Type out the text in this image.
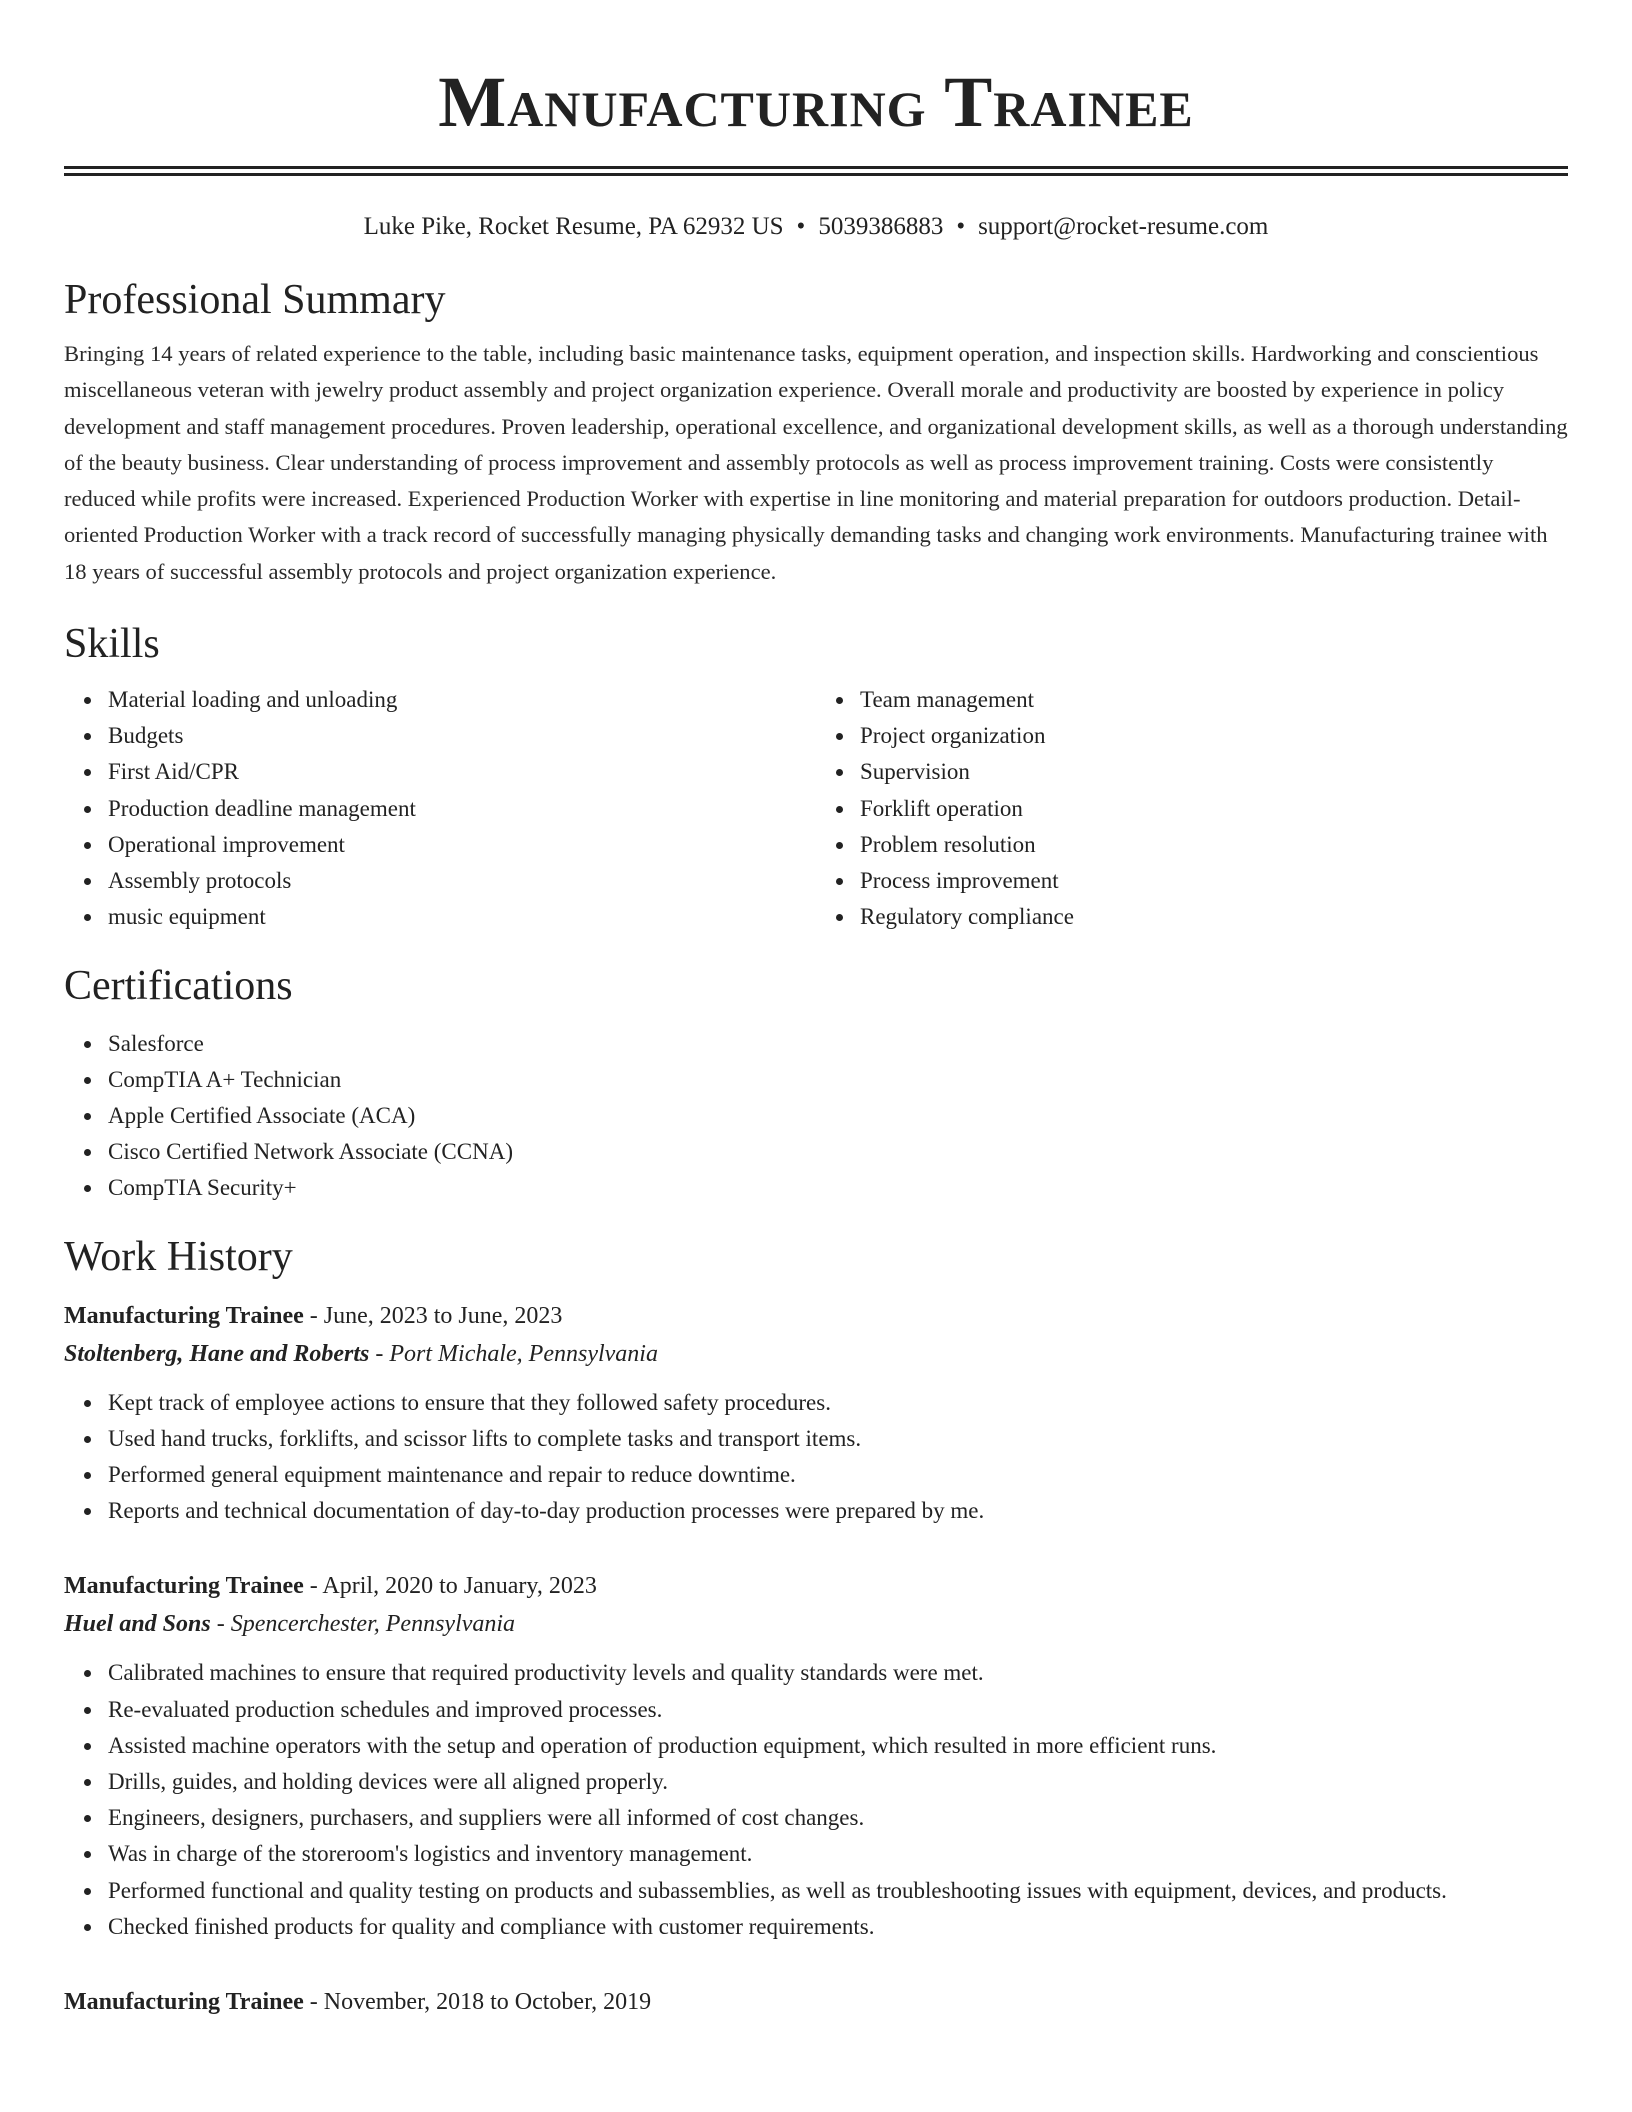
Manufacturing Trainee
Luke Pike, Rocket Resume, PA 62932 US • 5039386883 • support@rocket-resume.com
Professional Summary

Bringing 14 years of related experience to the table, including basic maintenance tasks, equipment operation, and inspection skills. Hardworking and conscientious miscellaneous veteran with jewelry product assembly and project organization experience. Overall morale and productivity are boosted by experience in policy development and staff management procedures. Proven leadership, operational excellence, and organizational development skills, as well as a thorough understanding of the beauty business. Clear understanding of process improvement and assembly protocols as well as process improvement training. Costs were consistently reduced while profits were increased. Experienced Production Worker with expertise in line monitoring and material preparation for outdoors production. Detail-oriented Production Worker with a track record of successfully managing physically demanding tasks and changing work environments. Manufacturing trainee with 18 years of successful assembly protocols and project organization experience.

Skills
Material loading and unloading
Budgets
First Aid/CPR
Production deadline management
Operational improvement
Assembly protocols
music equipment
Team management
Project organization
Supervision
Forklift operation
Problem resolution
Process improvement
Regulatory compliance
Certifications
Salesforce
CompTIA A+ Technician
Apple Certified Associate (ACA)
Cisco Certified Network Associate (CCNA)
CompTIA Security+
Work History
Manufacturing Trainee - June, 2023 to June, 2023
Stoltenberg, Hane and Roberts - Port Michale, Pennsylvania
Kept track of employee actions to ensure that they followed safety procedures.
Used hand trucks, forklifts, and scissor lifts to complete tasks and transport items.
Performed general equipment maintenance and repair to reduce downtime.
Reports and technical documentation of day-to-day production processes were prepared by me.
Manufacturing Trainee - April, 2020 to January, 2023
Huel and Sons - Spencerchester, Pennsylvania
Calibrated machines to ensure that required productivity levels and quality standards were met.
Re-evaluated production schedules and improved processes.
Assisted machine operators with the setup and operation of production equipment, which resulted in more efficient runs.
Drills, guides, and holding devices were all aligned properly.
Engineers, designers, purchasers, and suppliers were all informed of cost changes.
Was in charge of the storeroom's logistics and inventory management.
Performed functional and quality testing on products and subassemblies, as well as troubleshooting issues with equipment, devices, and products.
Checked finished products for quality and compliance with customer requirements.
Manufacturing Trainee - November, 2018 to October, 2019
